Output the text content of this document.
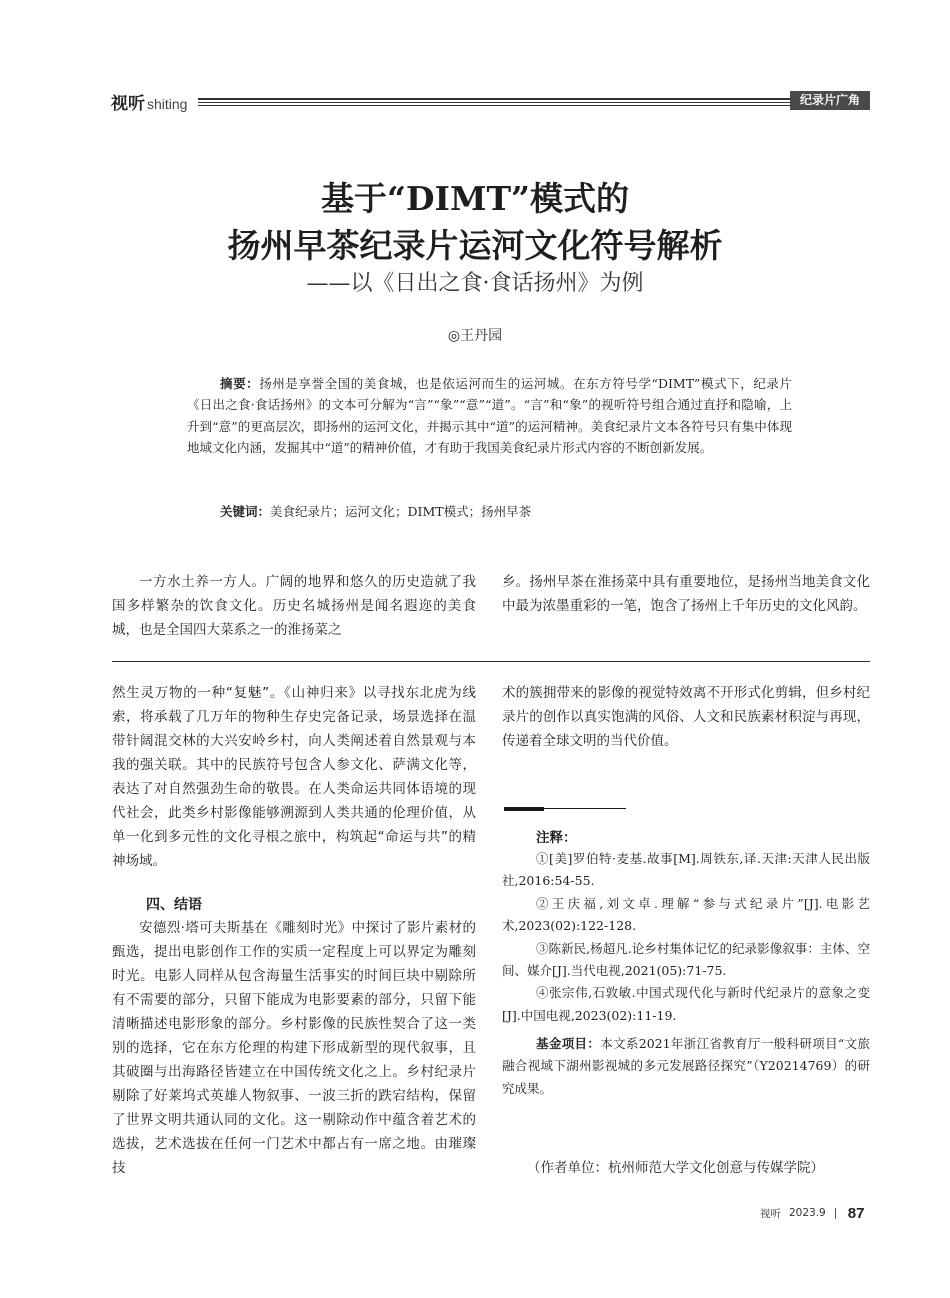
视听 shiting	纪录片广角
基于“DIMT”模式的
扬州早茶纪录片运河文化符号解析
——以《日出之食·食话扬州》为例
◎王丹园
摘要：扬州是享誉全国的美食城，也是依运河而生的运河城。在东方符号学“DIMT”模式下，纪录片《日出之食·食话扬州》的文本可分解为“言”“象”“意”“道”。“言”和“象”的视听符号组合通过直抒和隐喻，上升到“意”的更高层次，即扬州的运河文化，并揭示其中“道”的运河精神。美食纪录片文本各符号只有集中体现地域文化内涵，发掘其中“道”的精神价值，才有助于我国美食纪录片形式内容的不断创新发展。
关键词：美食纪录片；运河文化；DIMT模式；扬州早茶
一方水土养一方人。广阔的地界和悠久的历史造就了我国多样繁杂的饮食文化。历史名城扬州是闻名遐迩的美食城，也是全国四大菜系之一的淮扬菜之
乡。扬州早茶在淮扬菜中具有重要地位，是扬州当地美食文化中最为浓墨重彩的一笔，饱含了扬州上千年历史的文化风韵。
然生灵万物的一种“复魅”。《山神归来》以寻找东北虎为线索，将承载了几万年的物种生存史完备记录，场景选择在温带针阔混交林的大兴安岭乡村，向人类阐述着自然景观与本我的强关联。其中的民族符号包含人参文化、萨满文化等，表达了对自然强劲生命的敬畏。在人类命运共同体语境的现代社会，此类乡村影像能够溯源到人类共通的伦理价值，从单一化到多元性的文化寻根之旅中，构筑起“命运与共”的精神场域。
四、结语
安德烈·塔可夫斯基在《雕刻时光》中探讨了影片素材的甄选，提出电影创作工作的实质一定程度上可以界定为雕刻时光。电影人同样从包含海量生活事实的时间巨块中剔除所有不需要的部分，只留下能成为电影要素的部分，只留下能清晰描述电影形象的部分。乡村影像的民族性契合了这一类别的选择，它在东方伦理的构建下形成新型的现代叙事，且其破圈与出海路径皆建立在中国传统文化之上。乡村纪录片剔除了好莱坞式英雄人物叙事、一波三折的跌宕结构，保留了世界文明共通认同的文化。这一剔除动作中蕴含着艺术的选拔，艺术选拔在任何一门艺术中都占有一席之地。由璀璨技
术的簇拥带来的影像的视觉特效离不开形式化剪辑，但乡村纪录片的创作以真实饱满的风俗、人文和民族素材积淀与再现，传递着全球文明的当代价值。
注释：

①[美]罗伯特·麦基.故事[M].周铁东,译.天津:天津人民出版社,2016:54-55.

②王庆福,刘文卓.理解“参与式纪录片”[J].电影艺术,2023(02):122-128.

③陈新民,杨超凡.论乡村集体记忆的纪录影像叙事：主体、空间、媒介[J].当代电视,2021(05):71-75.

④张宗伟,石敦敏.中国式现代化与新时代纪录片的意象之变[J].中国电视,2023(02):11-19.

基金项目：本文系2021年浙江省教育厅一般科研项目“文旅融合视域下湖州影视城的多元发展路径探究”（Y20214769）的研究成果。
（作者单位：杭州师范大学文化创意与传媒学院）
视听 2023.9 87
